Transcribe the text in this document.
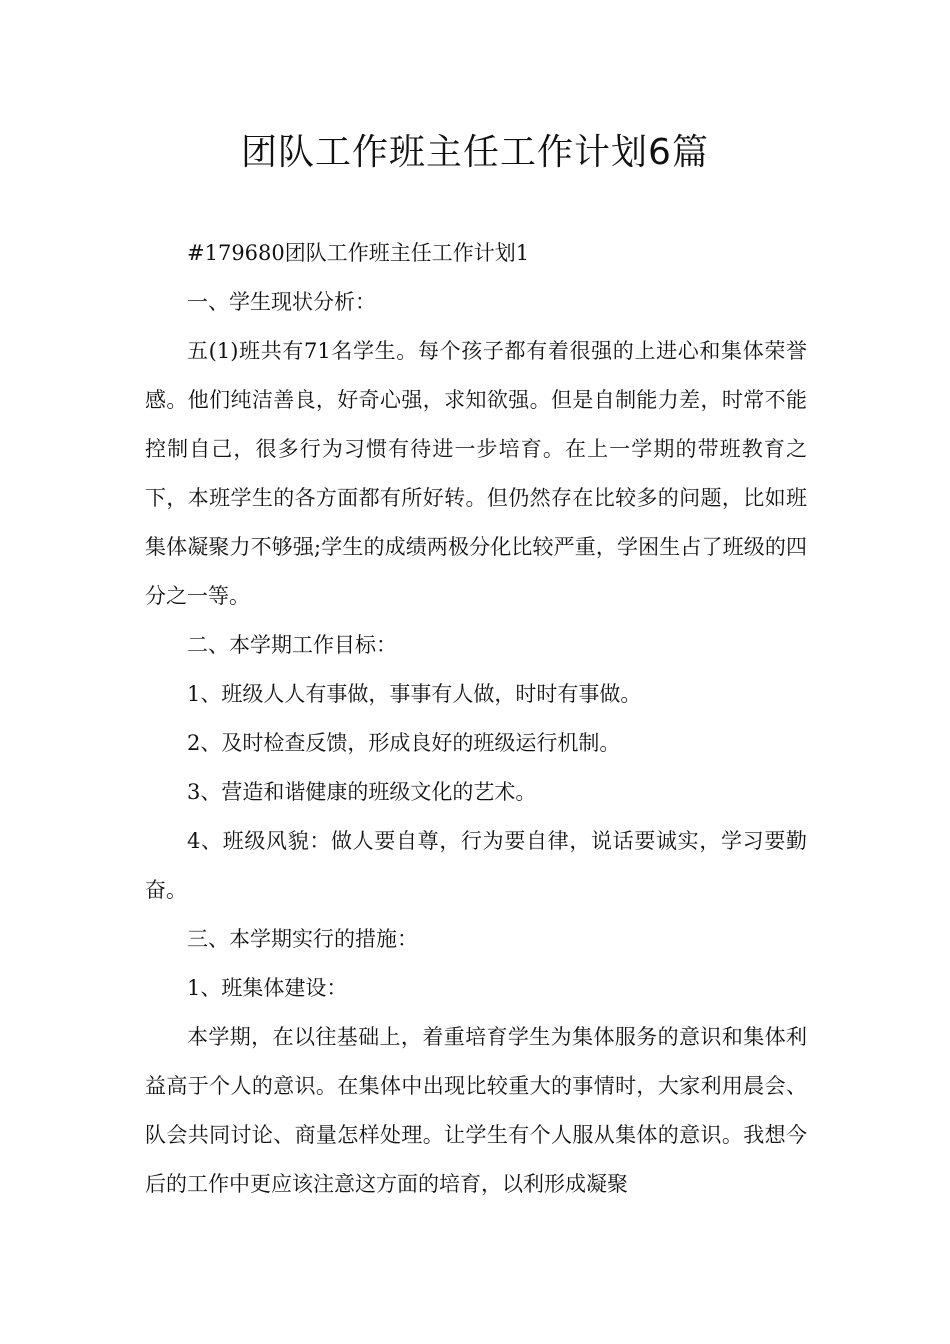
团队工作班主任工作计划6篇

#179680团队工作班主任工作计划1

一、学生现状分析：

五(1)班共有71名学生。每个孩子都有着很强的上进心和集体荣誉感。他们纯洁善良，好奇心强，求知欲强。但是自制能力差，时常不能控制自己，很多行为习惯有待进一步培育。在上一学期的带班教育之下，本班学生的各方面都有所好转。但仍然存在比较多的问题，比如班集体凝聚力不够强;学生的成绩两极分化比较严重，学困生占了班级的四分之一等。

二、本学期工作目标：

1、班级人人有事做，事事有人做，时时有事做。

2、及时检查反馈，形成良好的班级运行机制。

3、营造和谐健康的班级文化的艺术。

4、班级风貌：做人要自尊，行为要自律，说话要诚实，学习要勤奋。

三、本学期实行的措施：

1、班集体建设：

本学期，在以往基础上，着重培育学生为集体服务的意识和集体利益高于个人的意识。在集体中出现比较重大的事情时，大家利用晨会、队会共同讨论、商量怎样处理。让学生有个人服从集体的意识。我想今后的工作中更应该注意这方面的培育，以利形成凝聚
